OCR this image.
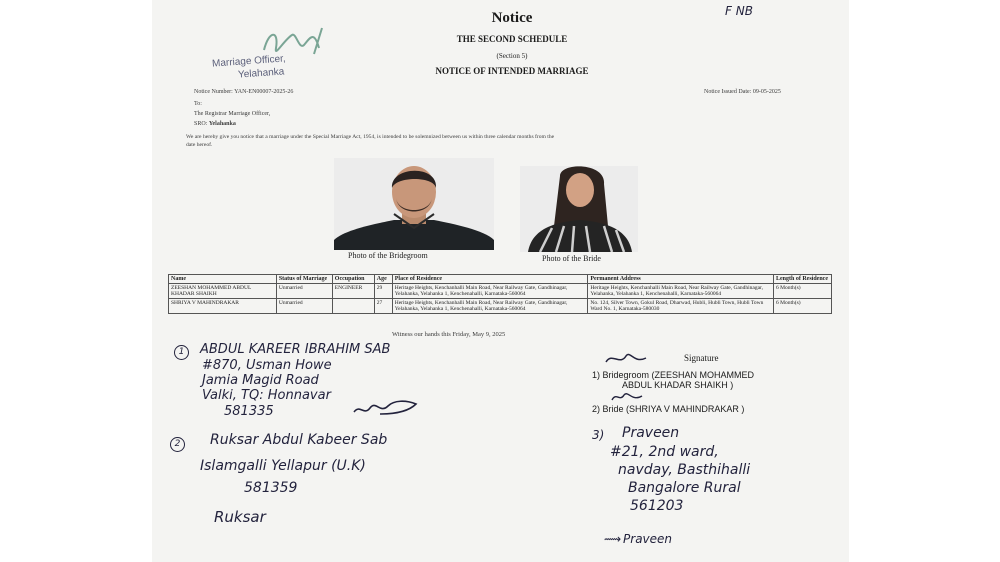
F NB
Marriage Officer,
Yelahanka
Notice
THE SECOND SCHEDULE
(Section 5)
NOTICE OF INTENDED MARRIAGE
Notice Number: YAN-EN00007-2025-26	Notice Issued Date: 09-05-2025
To:
The Registrar Marriage Officer,
SRO: Yelahanka
We are hereby give you notice that a marriage under the Special Marriage Act, 1954, is intended to be solemnized between us within three calendar months from the
date hereof.
Photo of the Bridegroom	Photo of the Bride
Name	Status of Marriage	Occupation	Age	Place of Residence	Permanent Address	Length of Residence
ZEESHAN MOHAMMED ABDUL KHADAR SHAIKH	Unmarried	ENGINEER	29	Heritage Heights, Kenchanhalli Main Road, Near Railway Gate, Gandhinagar, Yelahanka, Yelahanka 1, Kenchenahalli, Karnataka-560064	Heritage Heights, Kenchanhalli Main Road, Near Railway Gate, Gandhinagar, Yelahanka, Yelahanka 1, Kenchenahalli, Karnataka-560064	6 Month(s)
SHRIYA V MAHINDRAKAR	Unmarried		27	Heritage Heights, Kenchanhalli Main Road, Near Railway Gate, Gandhinagar, Yelahanka, Yelahanka 1, Kenchenahalli, Karnataka-560064	No. 124, Silver Town, Gokul Road, Dharwad, Hubli, Hubli Town, Hubli Town Ward No. 1, Karnataka-580030	6 Month(s)
Witness our hands this Friday, May 9, 2025
1	ABDUL KAREER IBRAHIM SAB
#870, Usman Howe
Jamia Magid Road
Valki, TQ: Honnavar
581335
2	Ruksar Abdul Kabeer Sab
Islamgalli Yellapur (U.K)
581359
Ruksar
Signature
1) Bridegroom (ZEESHAN MOHAMMED
ABDUL KHADAR SHAIKH )
2) Bride (SHRIYA V MAHINDRAKAR )
3) Praveen
#21, 2nd ward,
navday, Basthihalli
Bangalore Rural
561203
⟿ Praveen
